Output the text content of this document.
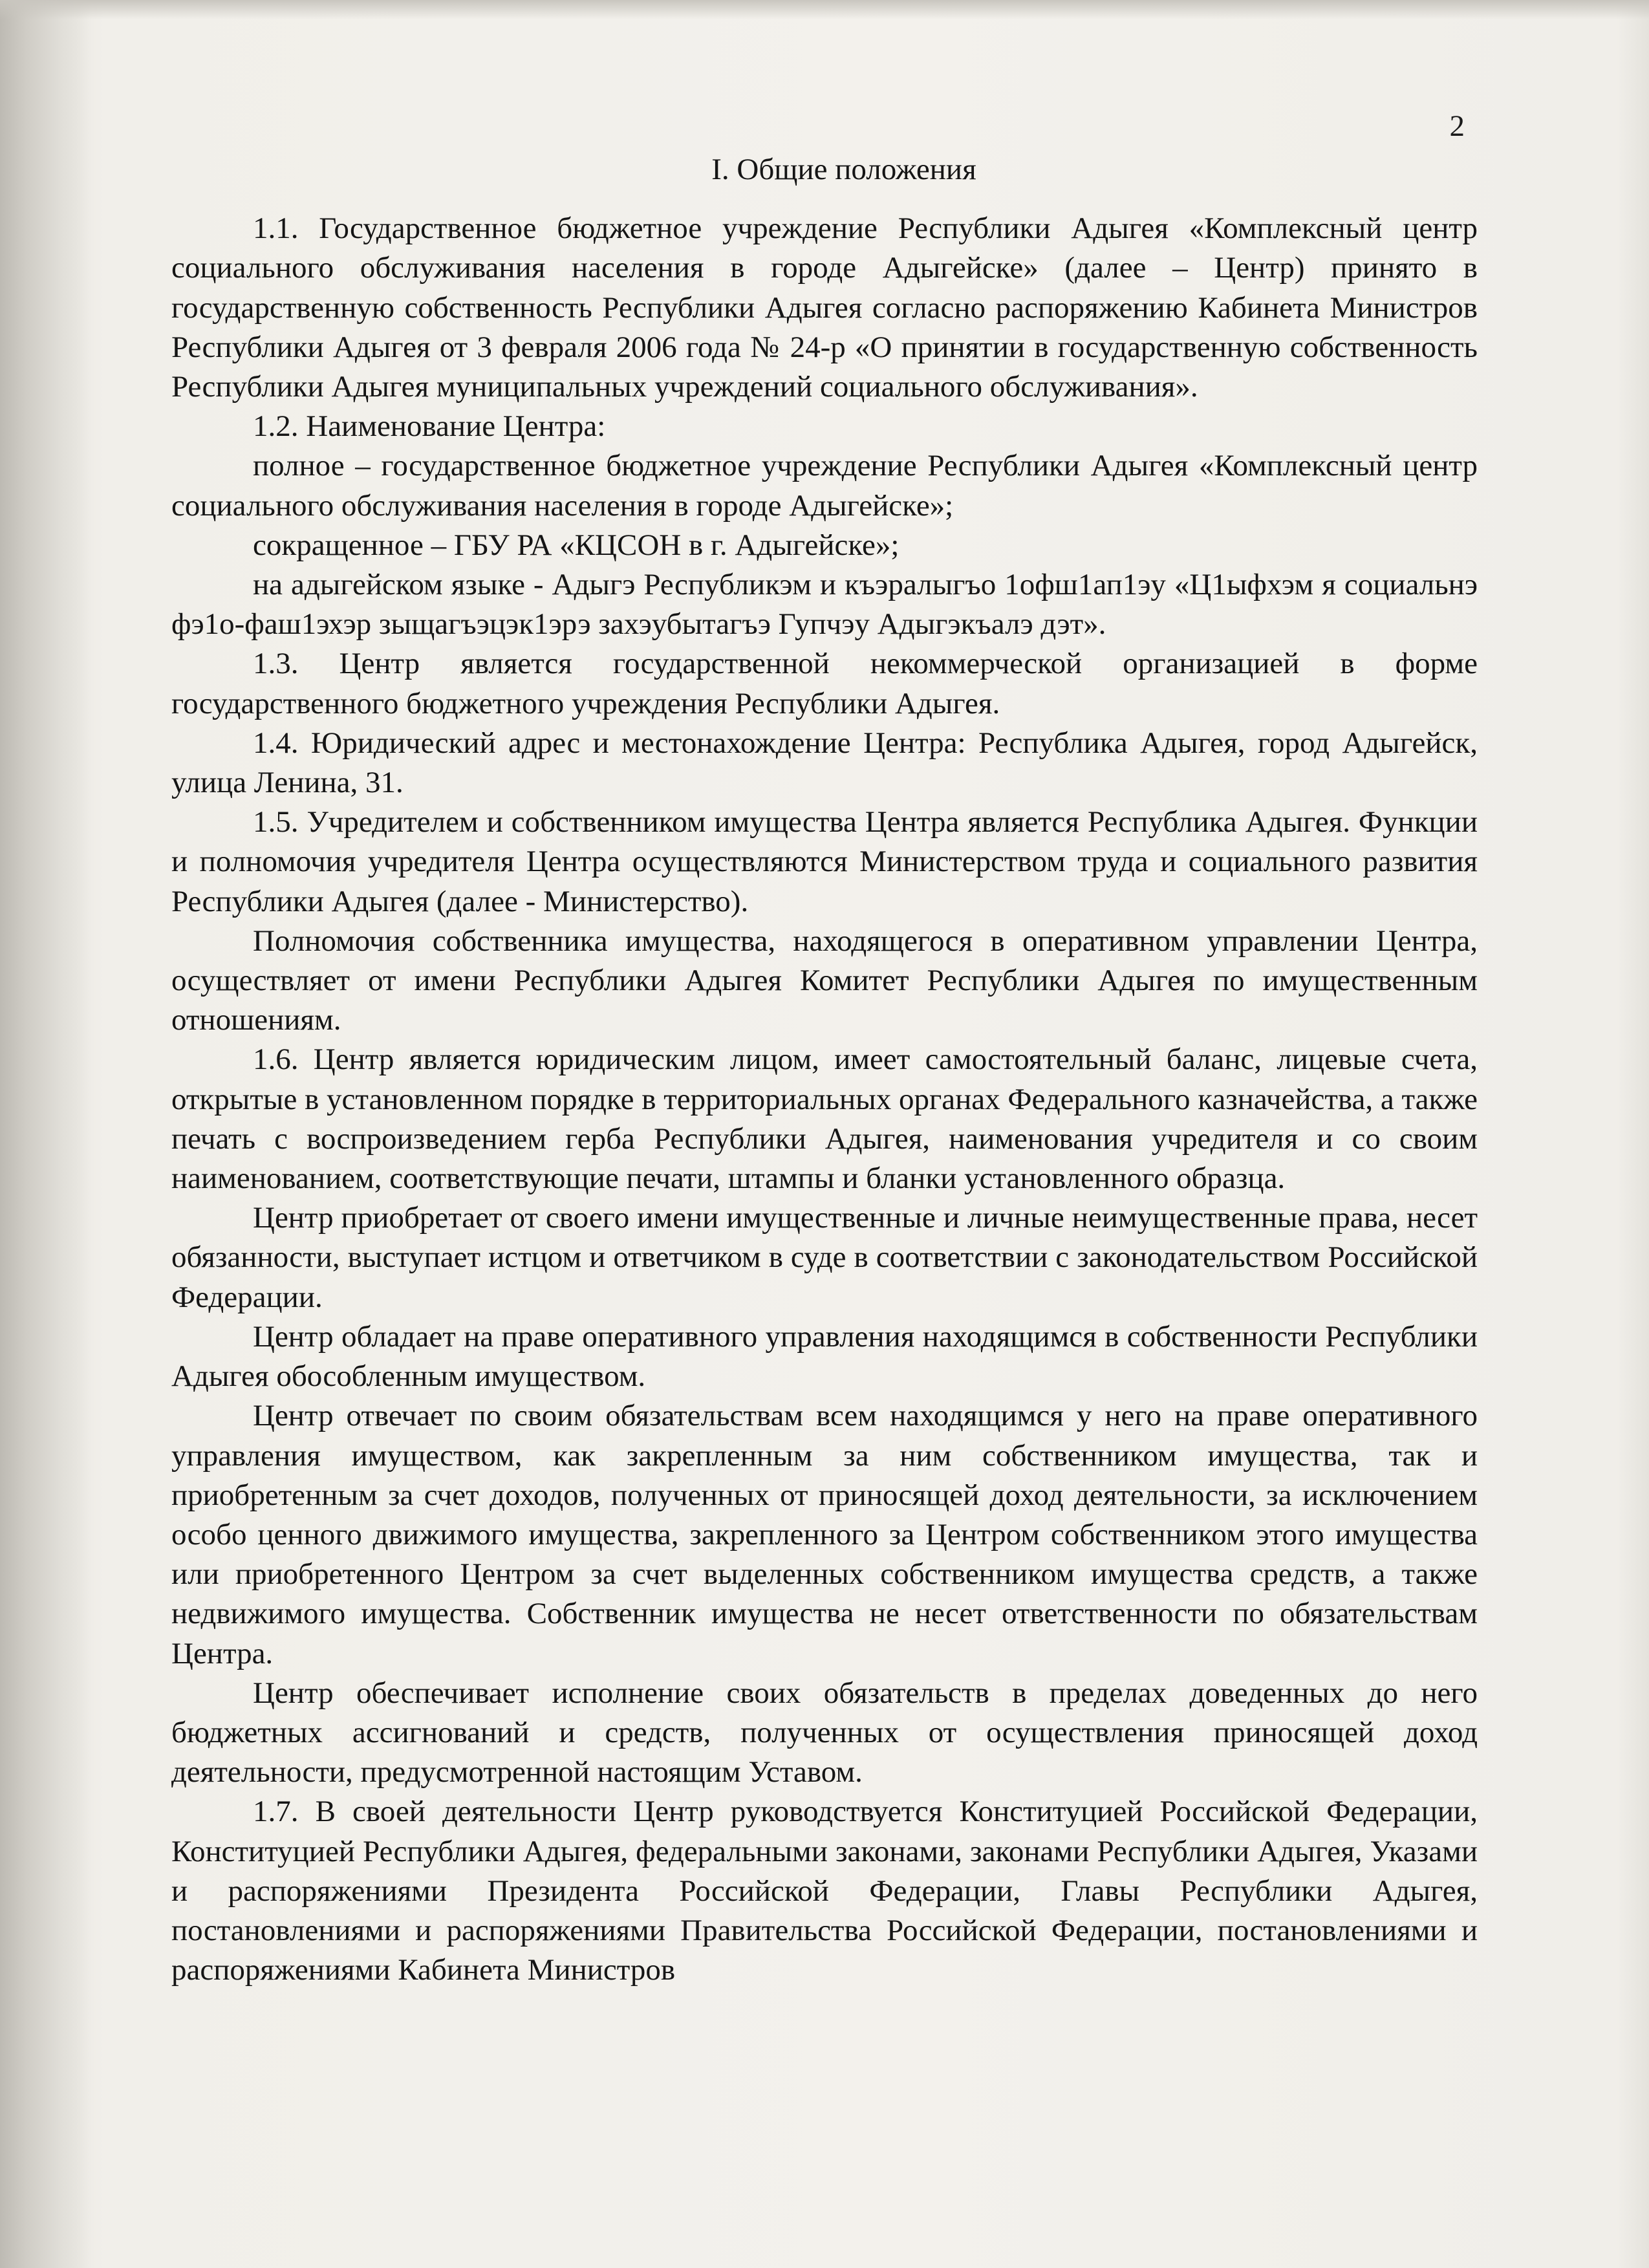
2
I. Общие положения

1.1. Государственное бюджетное учреждение Республики Адыгея «Комплексный центр социального обслуживания населения в городе Адыгейске» (далее – Центр) принято в государственную собственность Республики Адыгея согласно распоряжению Кабинета Министров Республики Адыгея от 3 февраля 2006 года № 24-р «О принятии в государственную собственность Республики Адыгея муниципальных учреждений социального обслуживания».

1.2. Наименование Центра:

полное – государственное бюджетное учреждение Республики Адыгея «Комплексный центр социального обслуживания населения в городе Адыгейске»;

сокращенное – ГБУ РА «КЦСОН в г. Адыгейске»;

на адыгейском языке - Адыгэ Республикэм и къэралыгъо 1офш1ап1эу «Ц1ыфхэм я социальнэ фэ1о-фаш1эхэр зыщагъэцэк1эрэ захэубытагъэ Гупчэу Адыгэкъалэ дэт».

1.3. Центр является государственной некоммерческой организацией в форме государственного бюджетного учреждения Республики Адыгея.

1.4. Юридический адрес и местонахождение Центра: Республика Адыгея, город Адыгейск, улица Ленина, 31.

1.5. Учредителем и собственником имущества Центра является Республика Адыгея. Функции и полномочия учредителя Центра осуществляются Министерством труда и социального развития Республики Адыгея (далее - Министерство).

Полномочия собственника имущества, находящегося в оперативном управлении Центра, осуществляет от имени Республики Адыгея Комитет Республики Адыгея по имущественным отношениям.

1.6. Центр является юридическим лицом, имеет самостоятельный баланс, лицевые счета, открытые в установленном порядке в территориальных органах Федерального казначейства, а также печать с воспроизведением герба Республики Адыгея, наименования учредителя и со своим наименованием, соответствующие печати, штампы и бланки установленного образца.

Центр приобретает от своего имени имущественные и личные неимущественные права, несет обязанности, выступает истцом и ответчиком в суде в соответствии с законодательством Российской Федерации.

Центр обладает на праве оперативного управления находящимся в собственности Республики Адыгея обособленным имуществом.

Центр отвечает по своим обязательствам всем находящимся у него на праве оперативного управления имуществом, как закрепленным за ним собственником имущества, так и приобретенным за счет доходов, полученных от приносящей доход деятельности, за исключением особо ценного движимого имущества, закрепленного за Центром собственником этого имущества или приобретенного Центром за счет выделенных собственником имущества средств, а также недвижимого имущества. Собственник имущества не несет ответственности по обязательствам Центра.

Центр обеспечивает исполнение своих обязательств в пределах доведенных до него бюджетных ассигнований и средств, полученных от осуществления приносящей доход деятельности, предусмотренной настоящим Уставом.

1.7. В своей деятельности Центр руководствуется Конституцией Российской Федерации, Конституцией Республики Адыгея, федеральными законами, законами Республики Адыгея, Указами и распоряжениями Президента Российской Федерации, Главы Республики Адыгея, постановлениями и распоряжениями Правительства Российской Федерации, постановлениями и распоряжениями Кабинета Министров
